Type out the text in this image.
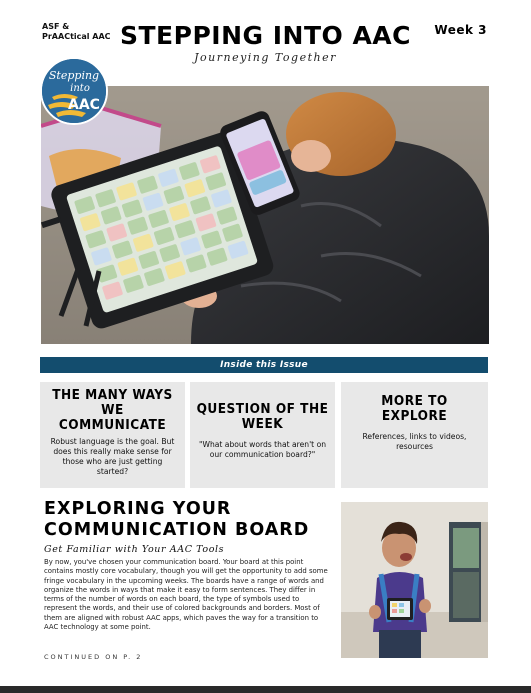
ASF &
PrAACtical AAC STEPPING INTO AAC
Journeying Together
Week 3
Stepping
into
AAC
Inside this Issue
THE MANY WAYS WE COMMUNICATE
Robust language is the goal. But does this really make sense for those who are just getting started?
QUESTION OF THE WEEK
"What about words that aren't on our communication board?"
MORE TO EXPLORE
References, links to videos, resources
EXPLORING YOUR COMMUNICATION BOARD
Get Familiar with Your AAC Tools
By now, you've chosen your communication board. Your board at this point contains mostly core vocabulary, though you will get the opportunity to add some fringe vocabulary in the upcoming weeks. The boards have a range of words and organize the words in ways that make it easy to form sentences. They differ in terms of the number of words on each board, the type of symbols used to represent the words, and their use of colored backgrounds and borders. Most of them are aligned with robust AAC apps, which paves the way for a transition to AAC technology at some point.
CONTINUED ON P. 2
